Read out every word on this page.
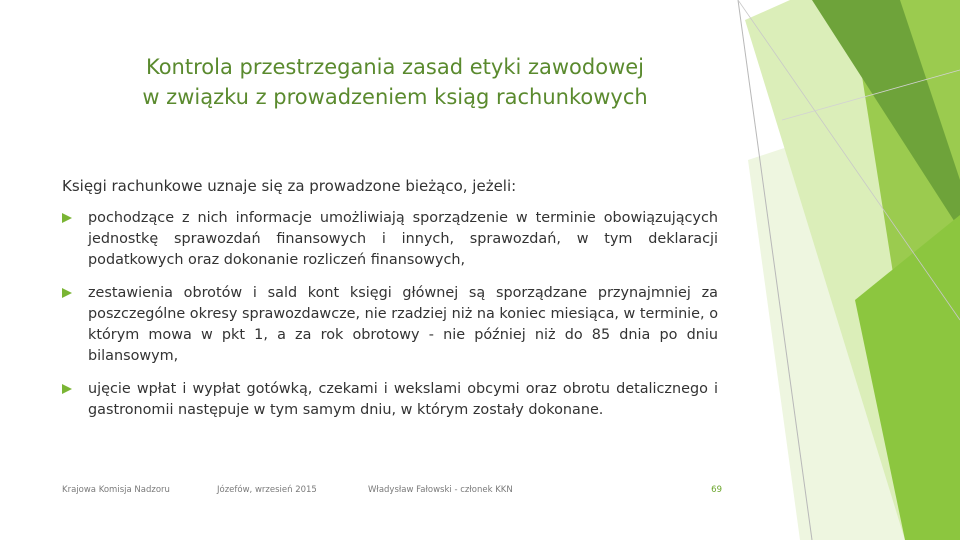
Kontrola przestrzegania zasad etyki zawodowej
w związku z prowadzeniem ksiąg rachunkowych
Księgi rachunkowe uznaje się za prowadzone bieżąco, jeżeli:
pochodzące z nich informacje umożliwiają sporządzenie w terminie obowiązujących jednostkę sprawozdań finansowych i innych, sprawozdań, w tym deklaracji podatkowych oraz dokonanie rozliczeń finansowych,
zestawienia obrotów i sald kont księgi głównej są sporządzane przynajmniej za poszczególne okresy sprawozdawcze, nie rzadziej niż na koniec miesiąca, w terminie, o którym mowa w pkt 1, a za rok obrotowy - nie później niż do 85 dnia po dniu bilansowym,
ujęcie wpłat i wypłat gotówką, czekami i wekslami obcymi oraz obrotu detalicznego i gastronomii następuje w tym samym dniu, w którym zostały dokonane.
Krajowa Komisja Nadzoru	Józefów, wrzesień 2015	Władysław Fałowski - członek KKN	69
